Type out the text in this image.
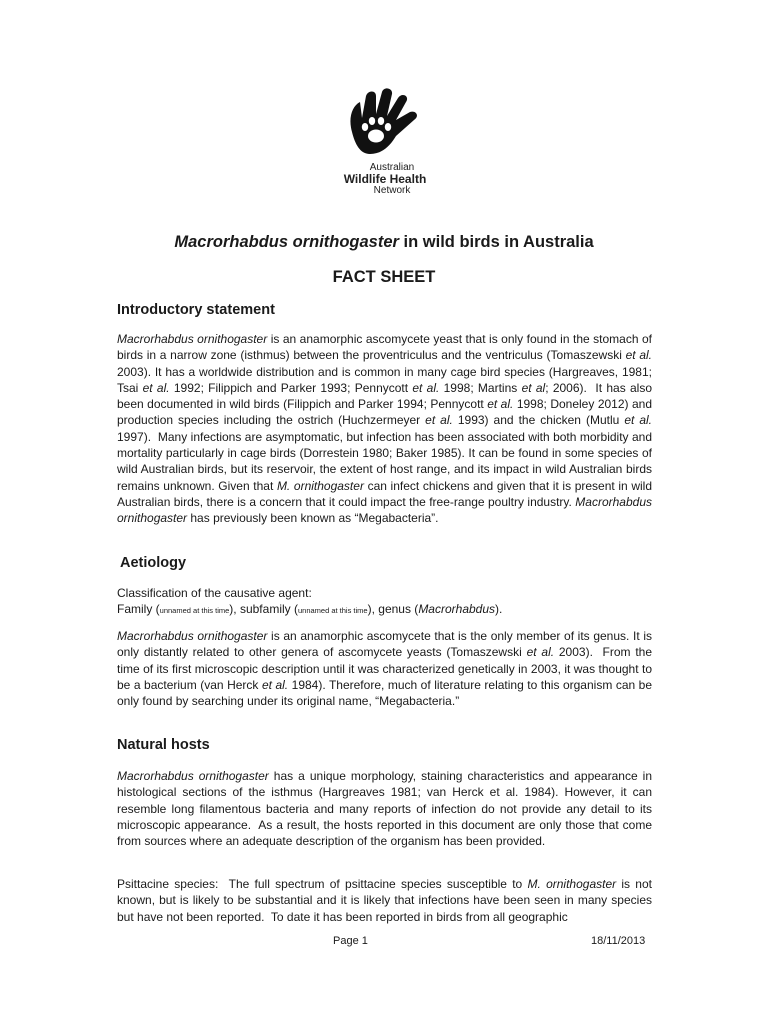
Australian
Wildlife Health
Network
Macrorhabdus ornithogaster in wild birds in Australia
FACT SHEET
Introductory statement

Macrorhabdus ornithogaster is an anamorphic ascomycete yeast that is only found in the stomach of birds in a narrow zone (isthmus) between the proventriculus and the ventriculus (Tomaszewski et al. 2003). It has a worldwide distribution and is common in many cage bird species (Hargreaves, 1981; Tsai et al. 1992; Filippich and Parker 1993; Pennycott et al. 1998; Martins et al; 2006).  It has also been documented in wild birds (Filippich and Parker 1994; Pennycott et al. 1998; Doneley 2012) and production species including the ostrich (Huchzermeyer et al. 1993) and the chicken (Mutlu et al. 1997).  Many infections are asymptomatic, but infection has been associated with both morbidity and mortality particularly in cage birds (Dorrestein 1980; Baker 1985). It can be found in some species of wild Australian birds, but its reservoir, the extent of host range, and its impact in wild Australian birds remains unknown. Given that M. ornithogaster can infect chickens and given that it is present in wild Australian birds, there is a concern that it could impact the free-range poultry industry. Macrorhabdus ornithogaster has previously been known as “Megabacteria”.

Aetiology

Classification of the causative agent:
Family (unnamed at this time), subfamily (unnamed at this time), genus (Macrorhabdus).

Macrorhabdus ornithogaster is an anamorphic ascomycete that is the only member of its genus. It is only distantly related to other genera of ascomycete yeasts (Tomaszewski et al. 2003).  From the time of its first microscopic description until it was characterized genetically in 2003, it was thought to be a bacterium (van Herck et al. 1984). Therefore, much of literature relating to this organism can be only found by searching under its original name, “Megabacteria.”

Natural hosts

Macrorhabdus ornithogaster has a unique morphology, staining characteristics and appearance in histological sections of the isthmus (Hargreaves 1981; van Herck et al. 1984). However, it can resemble long filamentous bacteria and many reports of infection do not provide any detail to its microscopic appearance.  As a result, the hosts reported in this document are only those that come from sources where an adequate description of the organism has been provided.

Psittacine species:  The full spectrum of psittacine species susceptible to M. ornithogaster is not known, but is likely to be substantial and it is likely that infections have been seen in many species but have not been reported.  To date it has been reported in birds from all geographic

Page 1	18/11/2013
